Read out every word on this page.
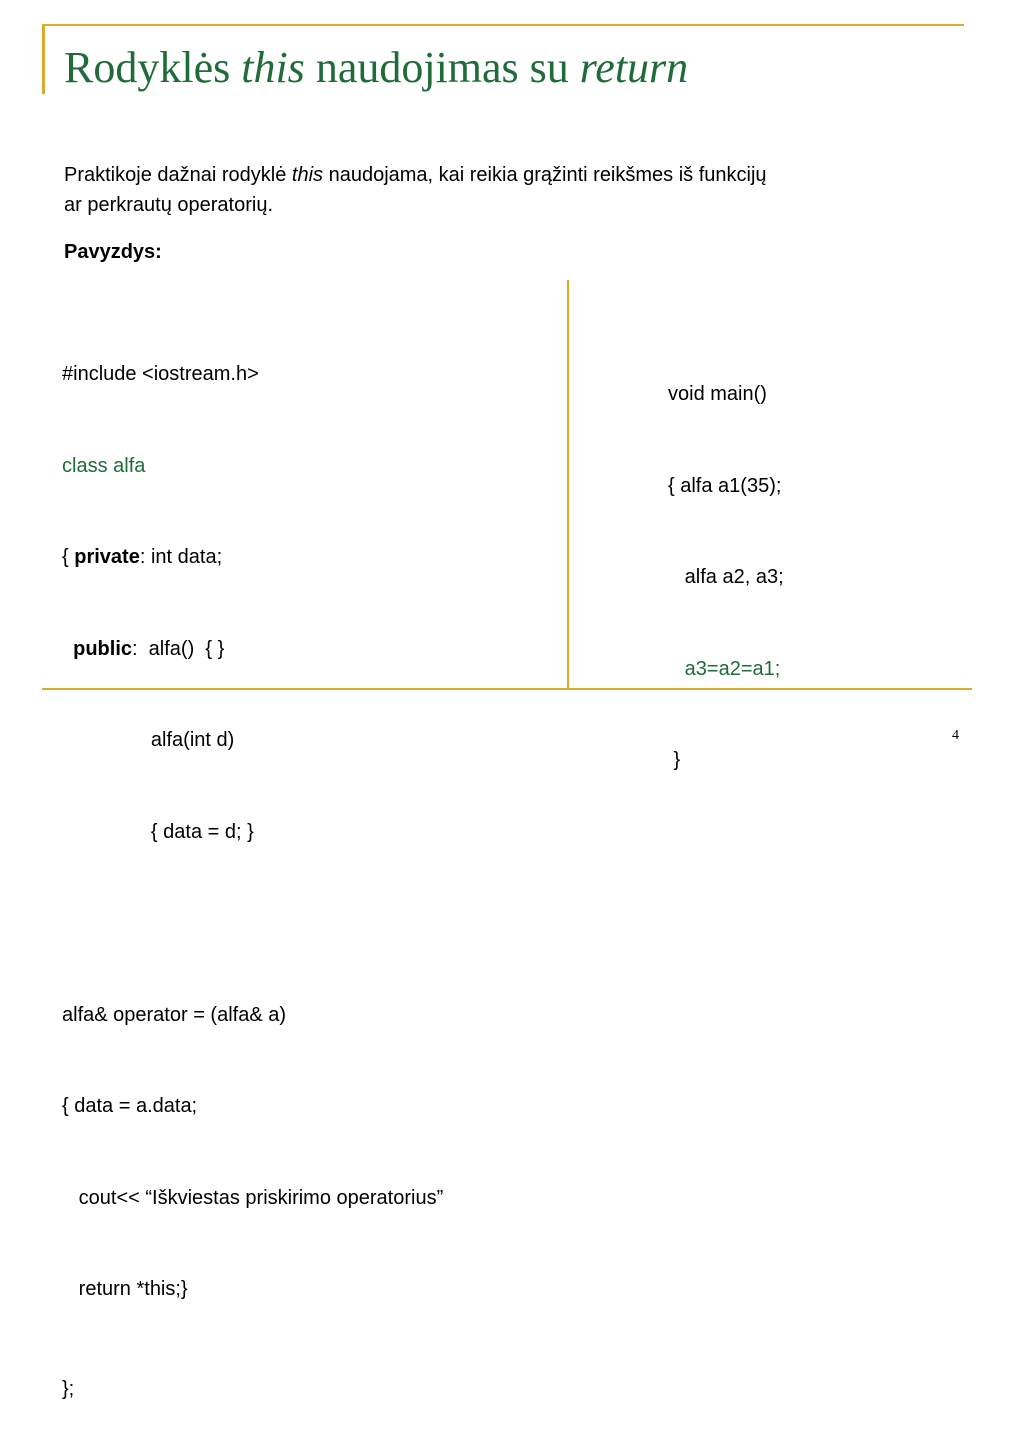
Rodyklės this naudojimas su return

Praktikoje dažnai rodyklė this naudojama, kai reikia grąžinti reikšmes iš funkcijų
ar perkrautų operatorių.

Pavyzdys:

#include <iostream.h>

class alfa

{ private: int data;

public:  alfa()  { }

alfa(int d)

{ data = d; }

alfa& operator = (alfa& a)

{ data = a.data;

cout<< “Iškviestas priskirimo operatorius”

return *this;}

};

void main()

{ alfa a1(35);

alfa a2, a3;

a3=a2=a1;

}

4
